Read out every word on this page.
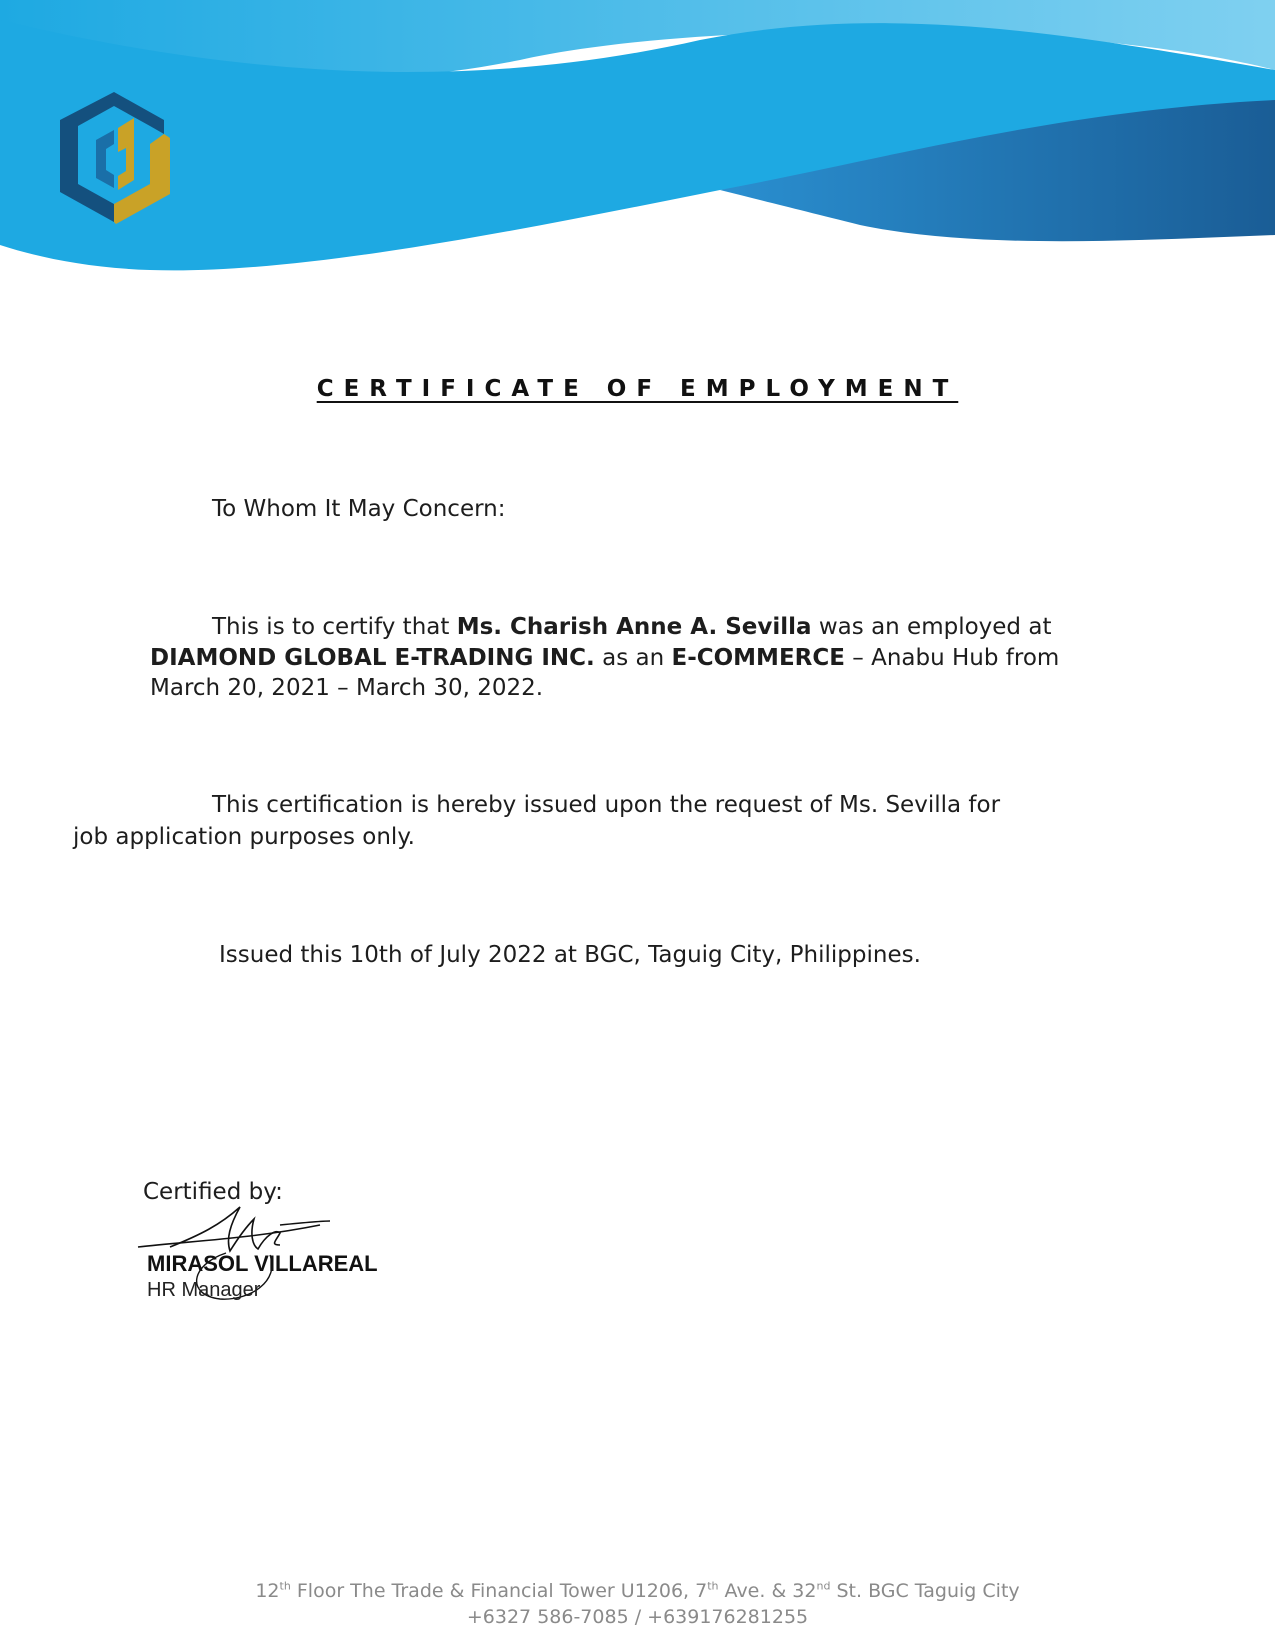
CERTIFICATE OF EMPLOYMENT
To Whom It May Concern:
This is to certify that Ms. Charish Anne A. Sevilla was an employed at
DIAMOND GLOBAL E-TRADING INC. as an E-COMMERCE – Anabu Hub from
March 20, 2021 – March 30, 2022.
This certification is hereby issued upon the request of Ms. Sevilla for
job application purposes only.
Issued this 10th of July 2022 at BGC, Taguig City, Philippines.
Certified by:
MIRASOL VILLAREAL
HR Manager
12th Floor The Trade & Financial Tower U1206, 7th Ave. & 32nd St. BGC Taguig City
+6327 586-7085 / +639176281255
